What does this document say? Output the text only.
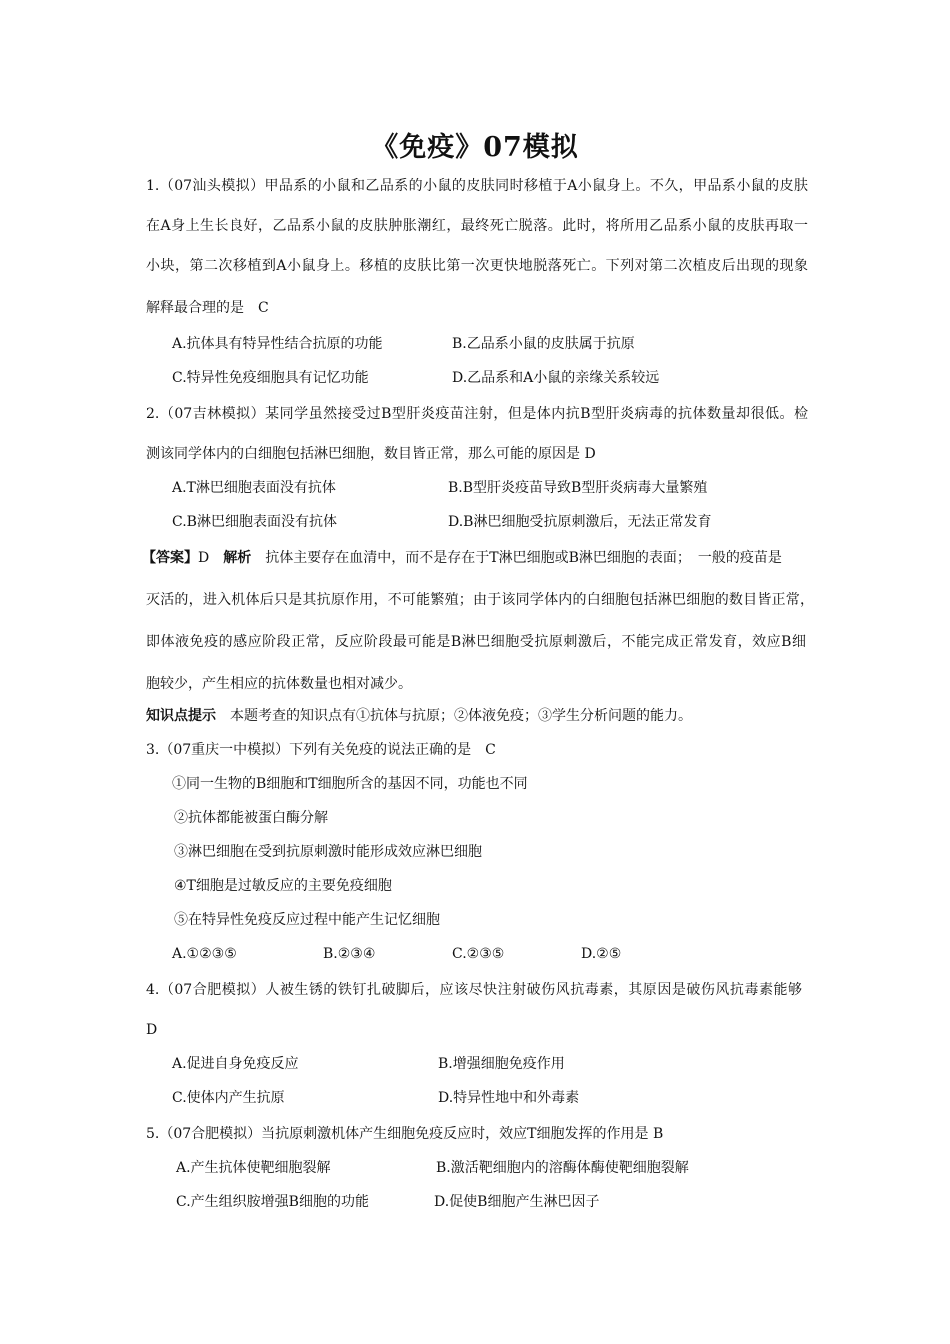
《免疫》07模拟
1.（07汕头模拟）甲品系的小鼠和乙品系的小鼠的皮肤同时移植于A小鼠身上。不久，甲品系小鼠的皮肤
在A身上生长良好，乙品系小鼠的皮肤肿胀潮红，最终死亡脱落。此时，将所用乙品系小鼠的皮肤再取一
小块，第二次移植到A小鼠身上。移植的皮肤比第一次更快地脱落死亡。下列对第二次植皮后出现的现象
解释最合理的是　C
A.抗体具有特异性结合抗原的功能	B.乙品系小鼠的皮肤属于抗原
C.特异性免疫细胞具有记忆功能	D.乙品系和A小鼠的亲缘关系较远
2.（07吉林模拟）某同学虽然接受过B型肝炎疫苗注射，但是体内抗B型肝炎病毒的抗体数量却很低。检
测该同学体内的白细胞包括淋巴细胞，数目皆正常，那么可能的原因是 D
A.T淋巴细胞表面没有抗体	B.B型肝炎疫苗导致B型肝炎病毒大量繁殖
C.B淋巴细胞表面没有抗体	D.B淋巴细胞受抗原刺激后，无法正常发育
【答案】D　解析　抗体主要存在血清中，而不是存在于T淋巴细胞或B淋巴细胞的表面；　一般的疫苗是
灭活的，进入机体后只是其抗原作用，不可能繁殖；由于该同学体内的白细胞包括淋巴细胞的数目皆正常，
即体液免疫的感应阶段正常，反应阶段最可能是B淋巴细胞受抗原刺激后，不能完成正常发育，效应B细
胞较少，产生相应的抗体数量也相对减少。
知识点提示　本题考查的知识点有①抗体与抗原；②体液免疫；③学生分析问题的能力。
3.（07重庆一中模拟）下列有关免疫的说法正确的是　C
①同一生物的B细胞和T细胞所含的基因不同，功能也不同
②抗体都能被蛋白酶分解
③淋巴细胞在受到抗原刺激时能形成效应淋巴细胞
④T细胞是过敏反应的主要免疫细胞
⑤在特异性免疫反应过程中能产生记忆细胞
A.①②③⑤	B.②③④	C.②③⑤	D.②⑤
4.（07合肥模拟）人被生锈的铁钉扎破脚后，应该尽快注射破伤风抗毒素，其原因是破伤风抗毒素能够
D
A.促进自身免疫反应	B.增强细胞免疫作用
C.使体内产生抗原	D.特异性地中和外毒素
5.（07合肥模拟）当抗原刺激机体产生细胞免疫反应时，效应T细胞发挥的作用是 B
A.产生抗体使靶细胞裂解	B.激活靶细胞内的溶酶体酶使靶细胞裂解
C.产生组织胺增强B细胞的功能	D.促使B细胞产生淋巴因子
